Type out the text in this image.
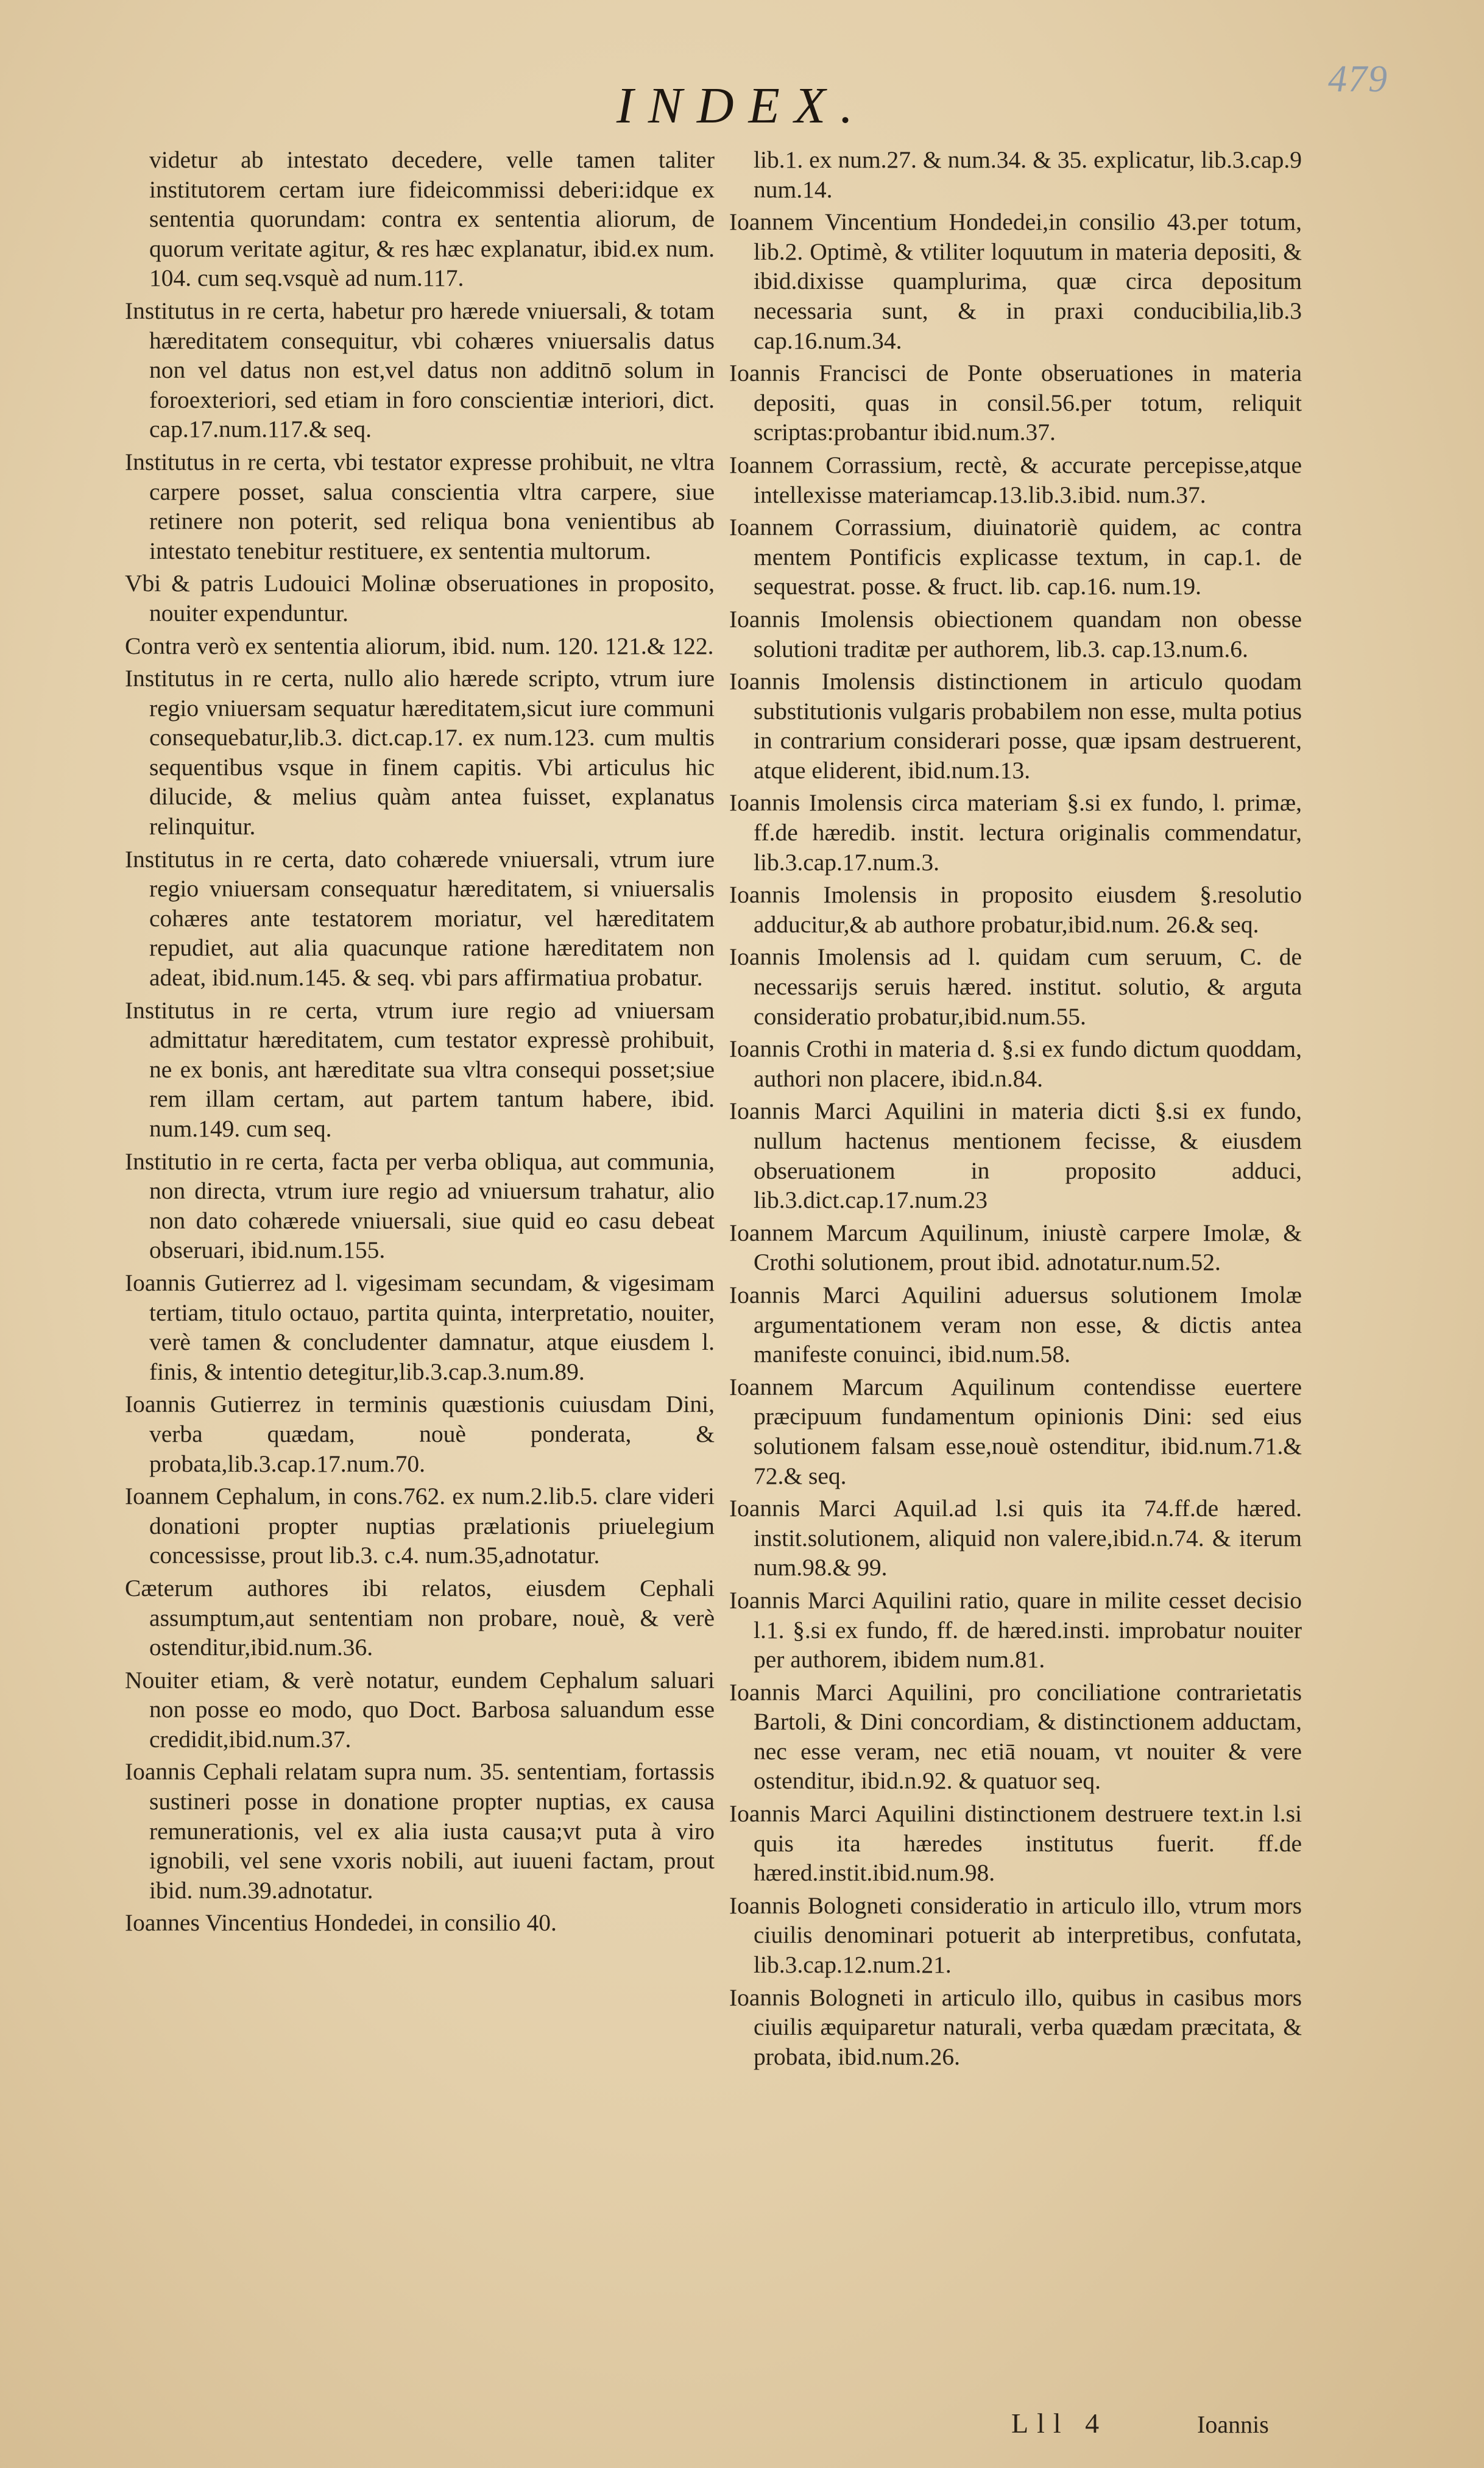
479
INDEX.

videtur ab intestato decedere, velle tamen taliter institutorem certam iure fideicommissi deberi:idque ex sententia quorundam: contra ex sententia aliorum, de quorum veritate agitur, & res hæc explanatur, ibid.ex num. 104. cum seq.vsquè ad num.117.

Institutus in re certa, habetur pro hærede vniuersali, & totam hæreditatem consequitur, vbi cohæres vniuersalis datus non vel datus non est,vel datus non additnō solum in foroexteriori, sed etiam in foro conscientiæ interiori, dict. cap.17.num.117.& seq.

Institutus in re certa, vbi testator expresse prohibuit, ne vltra carpere posset, salua conscientia vltra carpere, siue retinere non poterit, sed reliqua bona venientibus ab intestato tenebitur restituere, ex sententia multorum.

Vbi & patris Ludouici Molinæ obseruationes in proposito, nouiter expenduntur.

Contra verò ex sententia aliorum, ibid. num. 120. 121.& 122.

Institutus in re certa, nullo alio hærede scripto, vtrum iure regio vniuersam sequatur hæreditatem,sicut iure communi consequebatur,lib.3. dict.cap.17. ex num.123. cum multis sequentibus vsque in finem capitis. Vbi articulus hic dilucide, & melius quàm antea fuisset, explanatus relinquitur.

Institutus in re certa, dato cohærede vniuersali, vtrum iure regio vniuersam consequatur hæreditatem, si vniuersalis cohæres ante testatorem moriatur, vel hæreditatem repudiet, aut alia quacunque ratione hæreditatem non adeat, ibid.num.145. & seq. vbi pars affirmatiua probatur.

Institutus in re certa, vtrum iure regio ad vniuersam admittatur hæreditatem, cum testator expressè prohibuit, ne ex bonis, ant hæreditate sua vltra consequi posset;siue rem illam certam, aut partem tantum habere, ibid. num.149. cum seq.

Institutio in re certa, facta per verba obliqua, aut communia, non directa, vtrum iure regio ad vniuersum trahatur, alio non dato cohærede vniuersali, siue quid eo casu debeat obseruari, ibid.num.155.

Ioannis Gutierrez ad l. vigesimam secundam, & vigesimam tertiam, titulo octauo, partita quinta, interpretatio, nouiter, verè tamen & concludenter damnatur, atque eiusdem l. finis, & intentio detegitur,lib.3.cap.3.num.89.

Ioannis Gutierrez in terminis quæstionis cuiusdam Dini, verba quædam, nouè ponderata, & probata,lib.3.cap.17.num.70.

Ioannem Cephalum, in cons.762. ex num.2.lib.5. clare videri donationi propter nuptias prælationis priuelegium concessisse, prout lib.3. c.4. num.35,adnotatur.

Cæterum authores ibi relatos, eiusdem Cephali assumptum,aut sententiam non probare, nouè, & verè ostenditur,ibid.num.36.

Nouiter etiam, & verè notatur, eundem Cephalum saluari non posse eo modo, quo Doct. Barbosa saluandum esse credidit,ibid.num.37.

Ioannis Cephali relatam supra num. 35. sententiam, fortassis sustineri posse in donatione propter nuptias, ex causa remunerationis, vel ex alia iusta causa;vt puta à viro ignobili, vel sene vxoris nobili, aut iuueni factam, prout ibid. num.39.adnotatur.

Ioannes Vincentius Hondedei, in consilio 40.

lib.1. ex num.27. & num.34. & 35. explicatur, lib.3.cap.9 num.14.

Ioannem Vincentium Hondedei,in consilio 43.per totum, lib.2. Optimè, & vtiliter loquutum in materia depositi, & ibid.dixisse quamplurima, quæ circa depositum necessaria sunt, & in praxi conducibilia,lib.3 cap.16.num.34.

Ioannis Francisci de Ponte obseruationes in materia depositi, quas in consil.56.per totum, reliquit scriptas:probantur ibid.num.37.

Ioannem Corrassium, rectè, & accurate percepisse,atque intellexisse materiamcap.13.lib.3.ibid. num.37.

Ioannem Corrassium, diuinatoriè quidem, ac contra mentem Pontificis explicasse textum, in cap.1. de sequestrat. posse. & fruct. lib. cap.16. num.19.

Ioannis Imolensis obiectionem quandam non obesse solutioni traditæ per authorem, lib.3. cap.13.num.6.

Ioannis Imolensis distinctionem in articulo quodam substitutionis vulgaris probabilem non esse, multa potius in contrarium considerari posse, quæ ipsam destruerent, atque eliderent, ibid.num.13.

Ioannis Imolensis circa materiam §.si ex fundo, l. primæ, ff.de hæredib. instit. lectura originalis commendatur, lib.3.cap.17.num.3.

Ioannis Imolensis in proposito eiusdem §.resolutio adducitur,& ab authore probatur,ibid.num. 26.& seq.

Ioannis Imolensis ad l. quidam cum seruum, C. de necessarijs seruis hæred. institut. solutio, & arguta consideratio probatur,ibid.num.55.

Ioannis Crothi in materia d. §.si ex fundo dictum quoddam, authori non placere, ibid.n.84.

Ioannis Marci Aquilini in materia dicti §.si ex fundo, nullum hactenus mentionem fecisse, & eiusdem obseruationem in proposito adduci, lib.3.dict.cap.17.num.23

Ioannem Marcum Aquilinum, iniustè carpere Imolæ, & Crothi solutionem, prout ibid. adnotatur.num.52.

Ioannis Marci Aquilini aduersus solutionem Imolæ argumentationem veram non esse, & dictis antea manifeste conuinci, ibid.num.58.

Ioannem Marcum Aquilinum contendisse euertere præcipuum fundamentum opinionis Dini: sed eius solutionem falsam esse,nouè ostenditur, ibid.num.71.& 72.& seq.

Ioannis Marci Aquil.ad l.si quis ita 74.ff.de hæred. instit.solutionem, aliquid non valere,ibid.n.74. & iterum num.98.& 99.

Ioannis Marci Aquilini ratio, quare in milite cesset decisio l.1. §.si ex fundo, ff. de hæred.insti. improbatur nouiter per authorem, ibidem num.81.

Ioannis Marci Aquilini, pro conciliatione contrarietatis Bartoli, & Dini concordiam, & distinctionem adductam, nec esse veram, nec etiā nouam, vt nouiter & vere ostenditur, ibid.n.92. & quatuor seq.

Ioannis Marci Aquilini distinctionem destruere text.in l.si quis ita hæredes institutus fuerit. ff.de hæred.instit.ibid.num.98.

Ioannis Bologneti consideratio in articulo illo, vtrum mors ciuilis denominari potuerit ab interpretibus, confutata, lib.3.cap.12.num.21.

Ioannis Bologneti in articulo illo, quibus in casibus mors ciuilis æquiparetur naturali, verba quædam præcitata, & probata, ibid.num.26.

Lll 4	Ioannis
